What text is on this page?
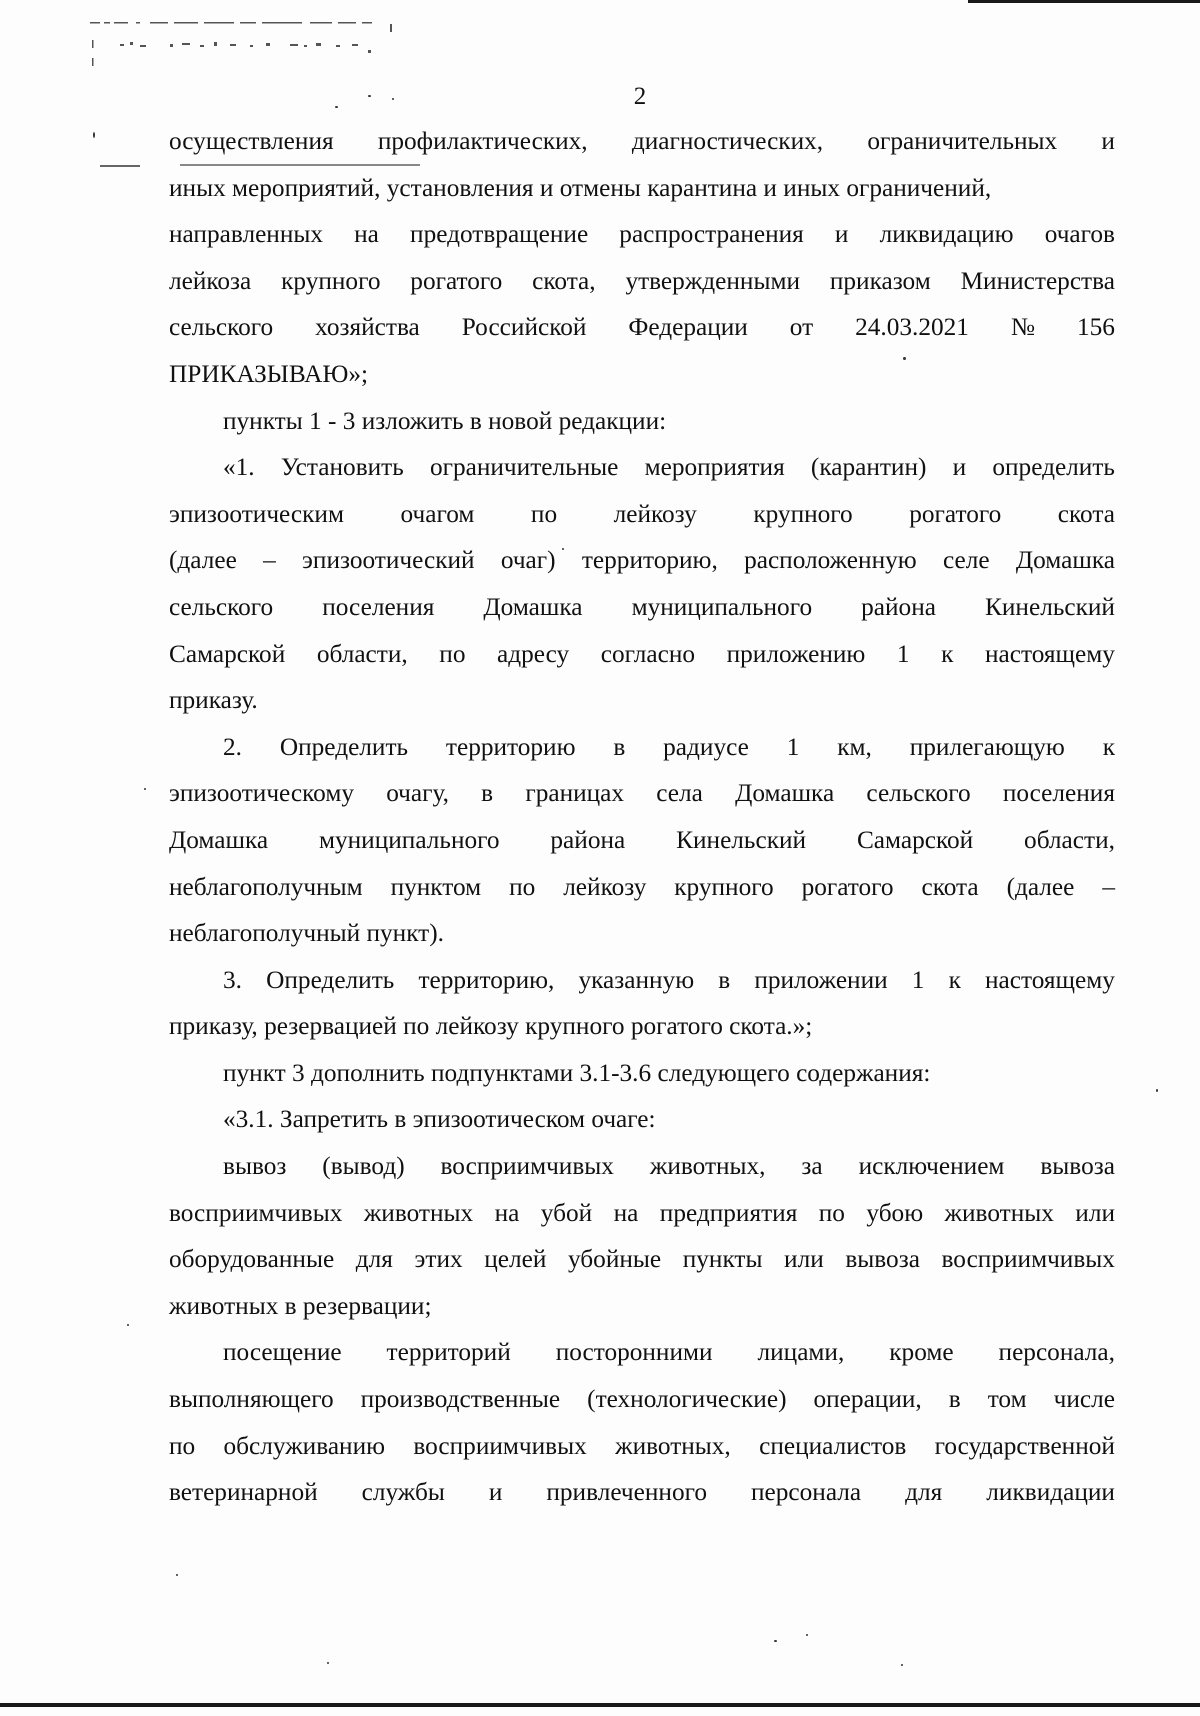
2
осуществления профилактических, диагностических, ограничительных и
иных мероприятий, установления и отмены карантина и иных ограничений,
направленных на предотвращение распространения и ликвидацию очагов
лейкоза крупного рогатого скота, утвержденными приказом Министерства
сельского хозяйства Российской Федерации от 24.03.2021 № 156
ПРИКАЗЫВАЮ»;
пункты 1 - 3 изложить в новой редакции:
«1. Установить ограничительные мероприятия (карантин) и определить
эпизоотическим очагом по лейкозу крупного рогатого скота
(далее – эпизоотический очаг) территорию, расположенную селе Домашка
сельского поселения Домашка муниципального района Кинельский
Самарской области, по адресу согласно приложению 1 к настоящему
приказу.
2. Определить территорию в радиусе 1 км, прилегающую к
эпизоотическому очагу, в границах села Домашка сельского поселения
Домашка муниципального района Кинельский Самарской области,
неблагополучным пунктом по лейкозу крупного рогатого скота (далее –
неблагополучный пункт).
3. Определить территорию, указанную в приложении 1 к настоящему
приказу, резервацией по лейкозу крупного рогатого скота.»;
пункт 3 дополнить подпунктами 3.1-3.6 следующего содержания:
«3.1. Запретить в эпизоотическом очаге:
вывоз (вывод) восприимчивых животных, за исключением вывоза
восприимчивых животных на убой на предприятия по убою животных или
оборудованные для этих целей убойные пункты или вывоза восприимчивых
животных в резервации;
посещение территорий посторонними лицами, кроме персонала,
выполняющего производственные (технологические) операции, в том числе
по обслуживанию восприимчивых животных, специалистов государственной
ветеринарной службы и привлеченного персонала для ликвидации
